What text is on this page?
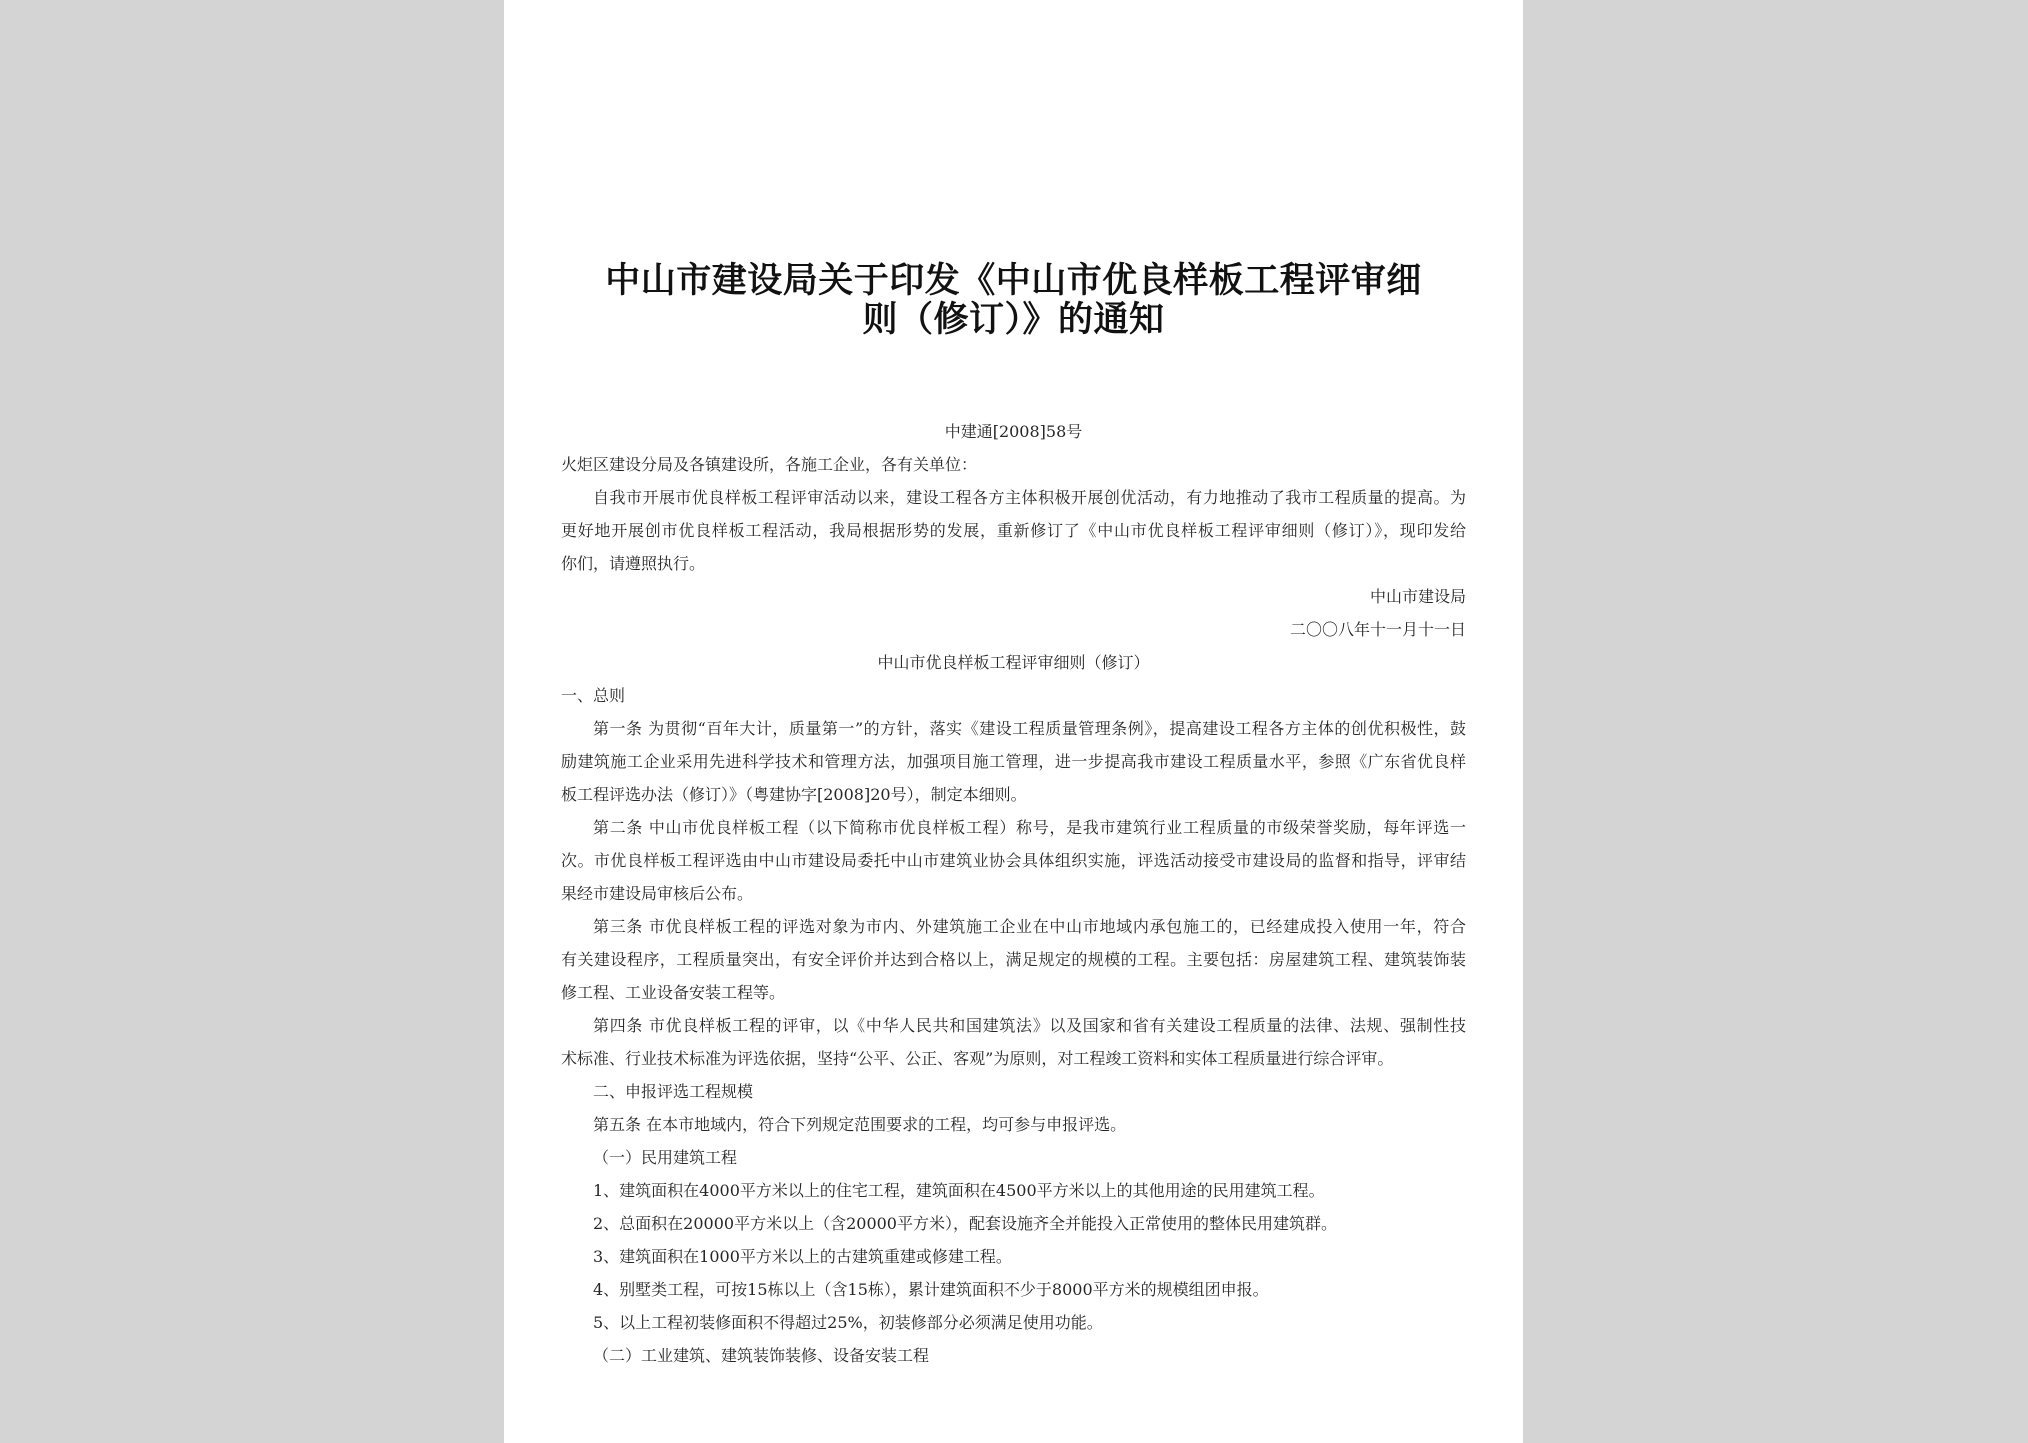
中山市建设局关于印发《中山市优良样板工程评审细
则（修订）》的通知
中建通[2008]58号
火炬区建设分局及各镇建设所，各施工企业，各有关单位：
自我市开展市优良样板工程评审活动以来，建设工程各方主体积极开展创优活动，有力地推动了我市工程质量的提高。为
更好地开展创市优良样板工程活动，我局根据形势的发展，重新修订了《中山市优良样板工程评审细则（修订）》，现印发给
你们，请遵照执行。
中山市建设局
二〇〇八年十一月十一日
中山市优良样板工程评审细则（修订）
一、总则
第一条 为贯彻“百年大计，质量第一”的方针，落实《建设工程质量管理条例》，提高建设工程各方主体的创优积极性，鼓
励建筑施工企业采用先进科学技术和管理方法，加强项目施工管理，进一步提高我市建设工程质量水平，参照《广东省优良样
板工程评选办法（修订）》（粤建协字[2008]20号），制定本细则。
第二条 中山市优良样板工程（以下简称市优良样板工程）称号，是我市建筑行业工程质量的市级荣誉奖励，每年评选一
次。市优良样板工程评选由中山市建设局委托中山市建筑业协会具体组织实施，评选活动接受市建设局的监督和指导，评审结
果经市建设局审核后公布。
第三条 市优良样板工程的评选对象为市内、外建筑施工企业在中山市地域内承包施工的，已经建成投入使用一年，符合
有关建设程序，工程质量突出，有安全评价并达到合格以上，满足规定的规模的工程。主要包括：房屋建筑工程、建筑装饰装
修工程、工业设备安装工程等。
第四条 市优良样板工程的评审，以《中华人民共和国建筑法》以及国家和省有关建设工程质量的法律、法规、强制性技
术标准、行业技术标准为评选依据，坚持“公平、公正、客观”为原则，对工程竣工资料和实体工程质量进行综合评审。
二、申报评选工程规模
第五条 在本市地域内，符合下列规定范围要求的工程，均可参与申报评选。
（一）民用建筑工程
1、建筑面积在4000平方米以上的住宅工程，建筑面积在4500平方米以上的其他用途的民用建筑工程。
2、总面积在20000平方米以上（含20000平方米），配套设施齐全并能投入正常使用的整体民用建筑群。
3、建筑面积在1000平方米以上的古建筑重建或修建工程。
4、别墅类工程，可按15栋以上（含15栋），累计建筑面积不少于8000平方米的规模组团申报。
5、以上工程初装修面积不得超过25%，初装修部分必须满足使用功能。
（二）工业建筑、建筑装饰装修、设备安装工程
